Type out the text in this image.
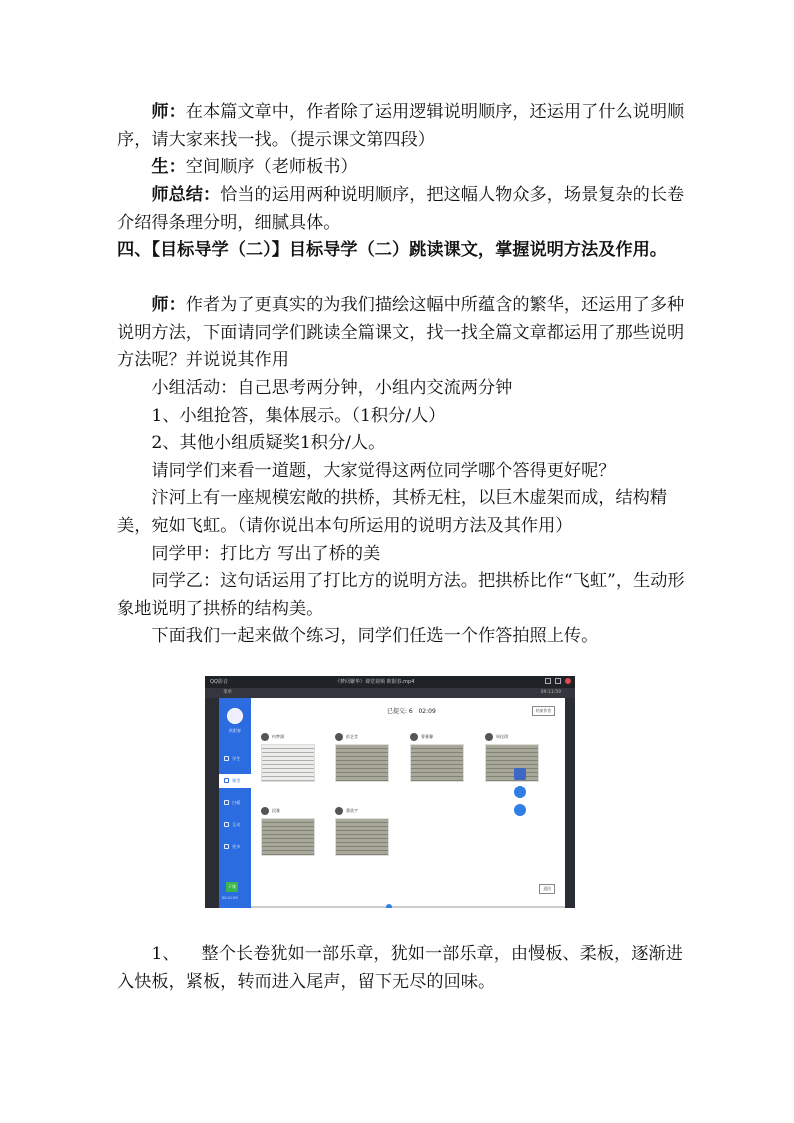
师：在本篇文章中，作者除了运用逻辑说明顺序，还运用了什么说明顺序，请大家来找一找。（提示课文第四段）

生：空间顺序（老师板书）

师总结：恰当的运用两种说明顺序，把这幅人物众多，场景复杂的长卷介绍得条理分明，细腻具体。

四、【目标导学（二）】目标导学（二）跳读课文，掌握说明方法及作用。

师：作者为了更真实的为我们描绘这幅中所蕴含的繁华，还运用了多种说明方法，下面请同学们跳读全篇课文，找一找全篇文章都运用了那些说明方法呢？并说说其作用

小组活动：自己思考两分钟，小组内交流两分钟

1、小组抢答，集体展示。（1积分/人）

2、其他小组质疑奖1积分/人。

请同学们来看一道题，大家觉得这两位同学哪个答得更好呢？

汴河上有一座规模宏敞的拱桥，其桥无柱，以巨木虚架而成，结构精美，宛如飞虹。（请你说出本句所运用的说明方法及其作用）

同学甲：打比方 写出了桥的美

同学乙：这句话运用了打比方的说明方法。把拱桥比作“飞虹”，生动形象地说明了拱桥的结构美。

下面我们一起来做个练习，同学们任选一个作答拍照上传。

QQ影音	《梦回繁华》课堂视频 欧阳春.mp4
菜单	09:11:59
欧阳春
学生
课堂
白板
互动
更多
下课
00:21:59
已提交: 6 02:09	结束作答
何梦涵	彭艺莹	曹雅馨	周佳琪
段雅	董欣宇
返回

1、 整个长卷犹如一部乐章，犹如一部乐章，由慢板、柔板，逐渐进入快板，紧板，转而进入尾声，留下无尽的回味。
